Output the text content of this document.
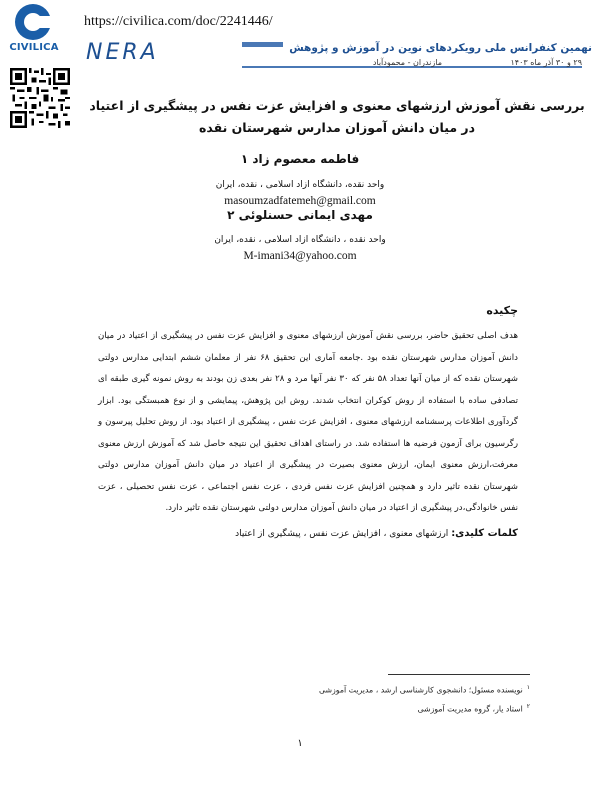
CIVILICA
https://civilica.com/doc/2241446/
NERA	نهمین کنفرانس ملی رویکردهای نوین در آموزش و پژوهش
۲۹ و ۳۰ آذر ماه ۱۴۰۳
مازندران - محمودآباد
بررسی نقش آموزش ارزشهای معنوی و افزایش عزت نفس در پیشگیری از اعتیاد در میان دانش آموزان مدارس شهرستان نقده
فاطمه معصوم زاد ۱
واحد نقده، دانشگاه ازاد اسلامی ، نقده، ایران
masoumzadfatemeh@gmail.com
مهدی ایمانی حسنلوئی ۲
واحد نقده ، دانشگاه ازاد اسلامی ، نقده، ایران
M-imani34@yahoo.com
چکیده
هدف اصلی تحقیق حاضر، بررسی نقش آموزش ارزشهای معنوی و افزایش عزت نفس در پیشگیری از اعتیاد در میان دانش آموزان مدارس شهرستان نقده بود .جامعه آماری این تحقیق ۶۸ نفر از معلمان ششم ابتدایی مدارس دولتی شهرستان نقده که از میان آنها تعداد ۵۸ نفر که ۳۰ نفر آنها مرد و ۲۸ نفر بعدی زن بودند به روش نمونه گیری طبقه ای تصادفی ساده با استفاده از روش کوکران انتخاب شدند. روش این پژوهش، پیمایشی و از نوع همبستگی بود. ابزار گردآوری اطلاعات پرسشنامه ارزشهای معنوی ، افزایش عزت نفس ، پیشگیری از اعتیاد بود. از روش تحلیل پیرسون و رگرسیون برای آزمون فرضیه ها استفاده شد. در راستای اهداف تحقیق این نتیجه حاصل شد که آموزش ارزش معنوی معرفت،ارزش معنوی ایمان، ارزش معنوی بصیرت در پیشگیری از اعتیاد در میان دانش آموزان مدارس دولتی شهرستان نقده تاثیر دارد و همچنین افزایش عزت نفس فردی ، عزت نفس اجتماعی ، عزت نفس تحصیلی ، عزت نفس خانوادگی،در پیشگیری از اعتیاد در میان دانش آموزان مدارس دولتی شهرستان نقده تاثیر دارد.
کلمات کلیدی: ارزشهای معنوی ، افزایش عزت نفس ، پیشگیری از اعتیاد
$^۱$نویسنده مسئول؛ دانشجوی کارشناسی ارشد ، مدیریت آموزشی
$^۲$استاد یار، گروه مدیریت آموزشی
۱
